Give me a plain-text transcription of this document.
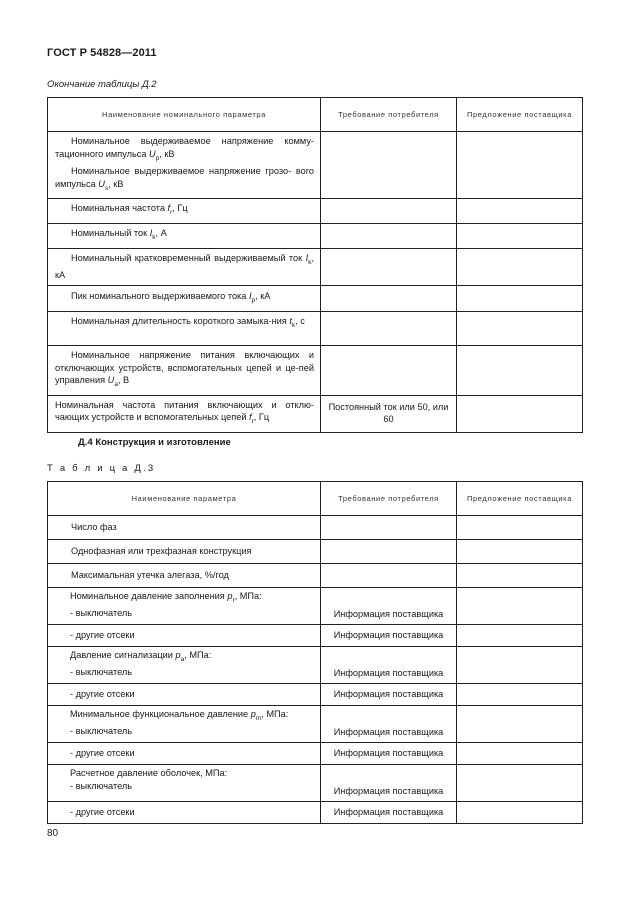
ГОСТ Р 54828—2011
Окончание таблицы Д.2
Наименование номинального параметра	Требование потребителя	Предложение поставщика

Номинальное выдерживаемое напряжение комму- тационного импульса $U_p$, кВ
Номинальное выдерживаемое напряжение грозо- вого импульса $U_s$, кВ		

Номинальная частота $f_r$, Гц		
Номинальный ток $I_k$, А		
Номинальный кратковременный выдерживаемый ток $I_k$, кА		
Пик номинального выдерживаемого тока $I_p$, кА		
Номинальная длительность короткого замыка-ния $t_k$, с		
Номинальное напряжение питания включающих и отключающих устройств, вспомогательных цепей и це-пей управления $U_a$, В		
Номинальная частота питания включающих и отклю-чающих устройств и вспомогательных цепей $f_r$, Гц	Постоянный ток или 50, или 60	
Д.4 Конструкция и изготовление
Т а б л и ц а Д.3
Наименование параметра	Требование потребителя	Предложение поставщика
Число фаз		
Однофазная или трехфазная конструкция		
Максимальная утечка элегаза, %/год		

Номинальное давление заполнения $p_r$, МПа:
- выключатель	Информация поставщика	
- другие отсеки	Информация поставщика	

Давление сигнализации $p_a$, МПа:
- выключатель	Информация поставщика	
- другие отсеки	Информация поставщика	

Минимальное функциональное давление $p_m$, МПа:
- выключатель	Информация поставщика	
- другие отсеки	Информация поставщика	

Расчетное давление оболочек, МПа:
- выключатель	Информация поставщика	
- другие отсеки	Информация поставщика	
80
